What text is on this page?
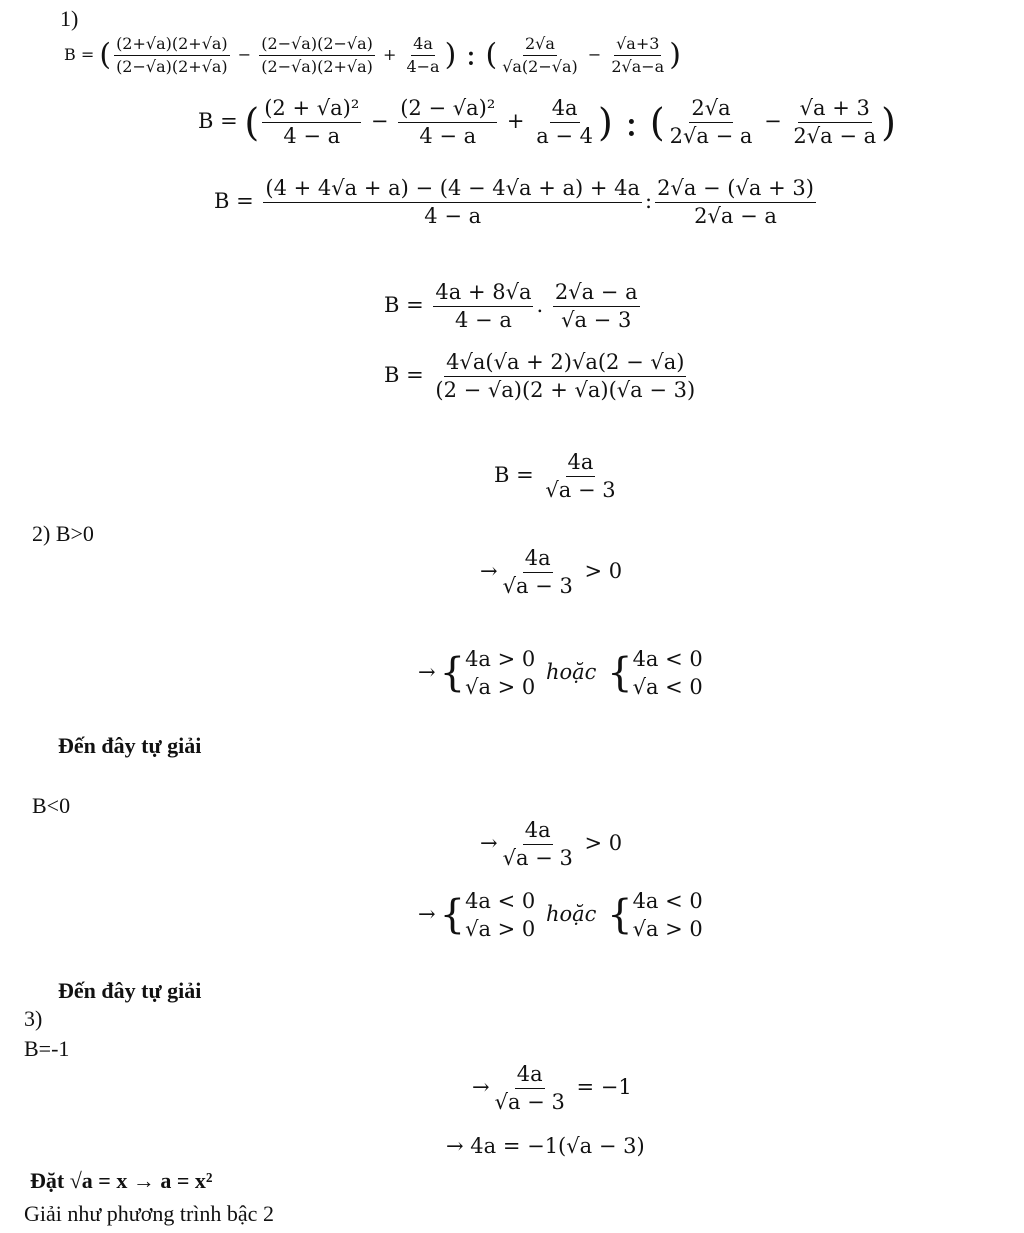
1)
B = ( $\frac{(2+√a)(2+√a)}{(2-√a)(2+√a)} - \frac{(2-√a)(2-√a)}{(2-√a)(2+√a)} + \frac{4a}{4-a}$ ) : ( $\frac{2√a}{√a(2-√a)} - \frac{√a+3}{2√a-a}$ )
B = ( $\frac{\text{(2 + √a)²}}{4 - a} - \frac{\text{(2 − √a)²}}{4 - a} + \frac{4a}{a - 4}$ ) : ( $\frac{2√a}{2√a - a} - \frac{√a + 3}{2√a - a}$ )
$B = \frac{(4 + 4√a + a) - (4 - 4√a + a) + 4a}{4 - a}$ : $\frac{2√a - (√a + 3)}{2√a - a}$
$B = \frac{4a + 8√a}{4 - a}$ . $\frac{2√a - a}{√a - 3}$
$B = \frac{4√a(√a + 2)√a(2 - √a)}{(2 - √a)(2 + √a)(√a - 3)}$
$B = \frac{4a}{√a - 3}$
2) B>0
→ $\frac{4a}{√a - 3} > 0$
→ { 4a > 0
√a > 0
hoặc { 4a < 0
√a < 0
Đến đây tự giải
B<0
→ $\frac{4a}{√a - 3} > 0$
→ { 4a < 0
√a > 0
hoặc { 4a < 0
√a > 0
Đến đây tự giải
3)
B=-1
→ $\frac{4a}{√a - 3} = -1$
→ 4a = −1(√a − 3)
Đặt √a = x → a = x²
Giải như phương trình bậc 2
